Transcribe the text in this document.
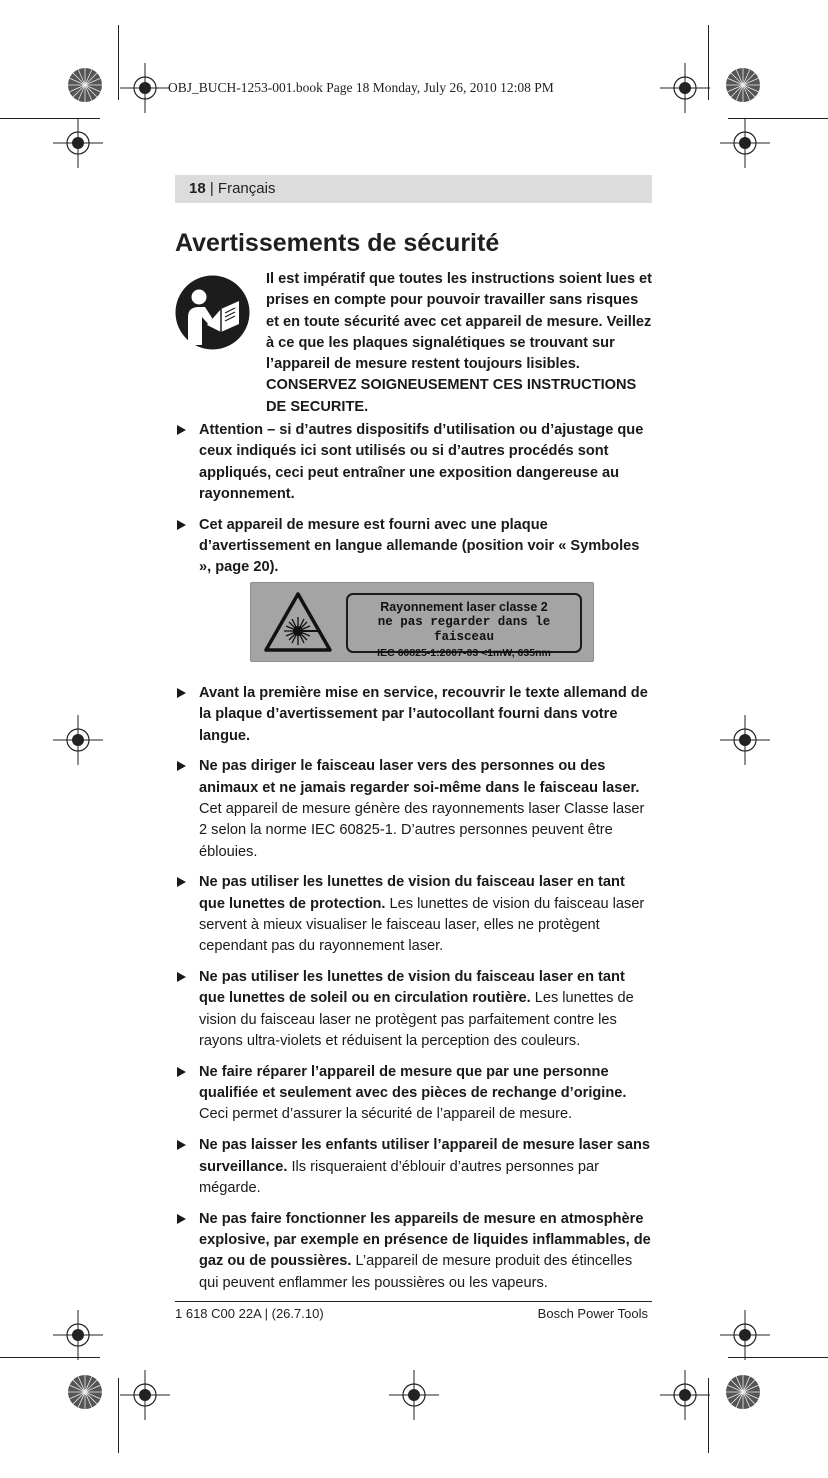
OBJ_BUCH-1253-001.book Page 18 Monday, July 26, 2010 12:08 PM
18 | Français
Avertissements de sécurité
Il est impératif que toutes les instructions soient lues et prises en compte pour pouvoir travailler sans risques et en toute sécurité avec cet appareil de mesure. Veillez à ce que les plaques signalétiques se trouvant sur l’appareil de mesure restent toujours lisibles. CONSERVEZ SOIGNEUSEMENT CES INSTRUCTIONS DE SECURITE.
Attention – si d’autres dispositifs d’utilisation ou d’ajustage que ceux indiqués ici sont utilisés ou si d’autres procédés sont appliqués, ceci peut entraîner une exposition dangereuse au rayonnement.
Cet appareil de mesure est fourni avec une plaque d’avertissement en langue allemande (position voir « Symboles », page 20).
Avant la première mise en service, recouvrir le texte allemand de la plaque d’avertissement par l’autocollant fourni dans votre langue.
Ne pas diriger le faisceau laser vers des personnes ou des animaux et ne jamais regarder soi-même dans le faisceau laser. Cet appareil de mesure génère des rayonnements laser Classe laser 2 selon la norme IEC 60825-1. D’autres personnes peuvent être éblouies.
Ne pas utiliser les lunettes de vision du faisceau laser en tant que lunettes de protection. Les lunettes de vision du faisceau laser servent à mieux visualiser le faisceau laser, elles ne protègent cependant pas du rayonnement laser.
Ne pas utiliser les lunettes de vision du faisceau laser en tant que lunettes de soleil ou en circulation routière. Les lunettes de vision du faisceau laser ne protègent pas parfaitement contre les rayons ultra-violets et réduisent la perception des couleurs.
Ne faire réparer l’appareil de mesure que par une personne qualifiée et seulement avec des pièces de rechange d’origine. Ceci permet d’assurer la sécurité de l’appareil de mesure.
Ne pas laisser les enfants utiliser l’appareil de mesure laser sans surveillance. Ils risqueraient d’éblouir d’autres personnes par mégarde.
Ne pas faire fonctionner les appareils de mesure en atmosphère explosive, par exemple en présence de liquides inflammables, de gaz ou de poussières. L’appareil de mesure produit des étincelles qui peuvent enflammer les poussières ou les vapeurs.
Rayonnement laser classe 2
ne pas regarder dans le faisceau
IEC 60825-1:2007-03 <1mW, 635nm
1 618 C00 22A | (26.7.10)	Bosch Power Tools
